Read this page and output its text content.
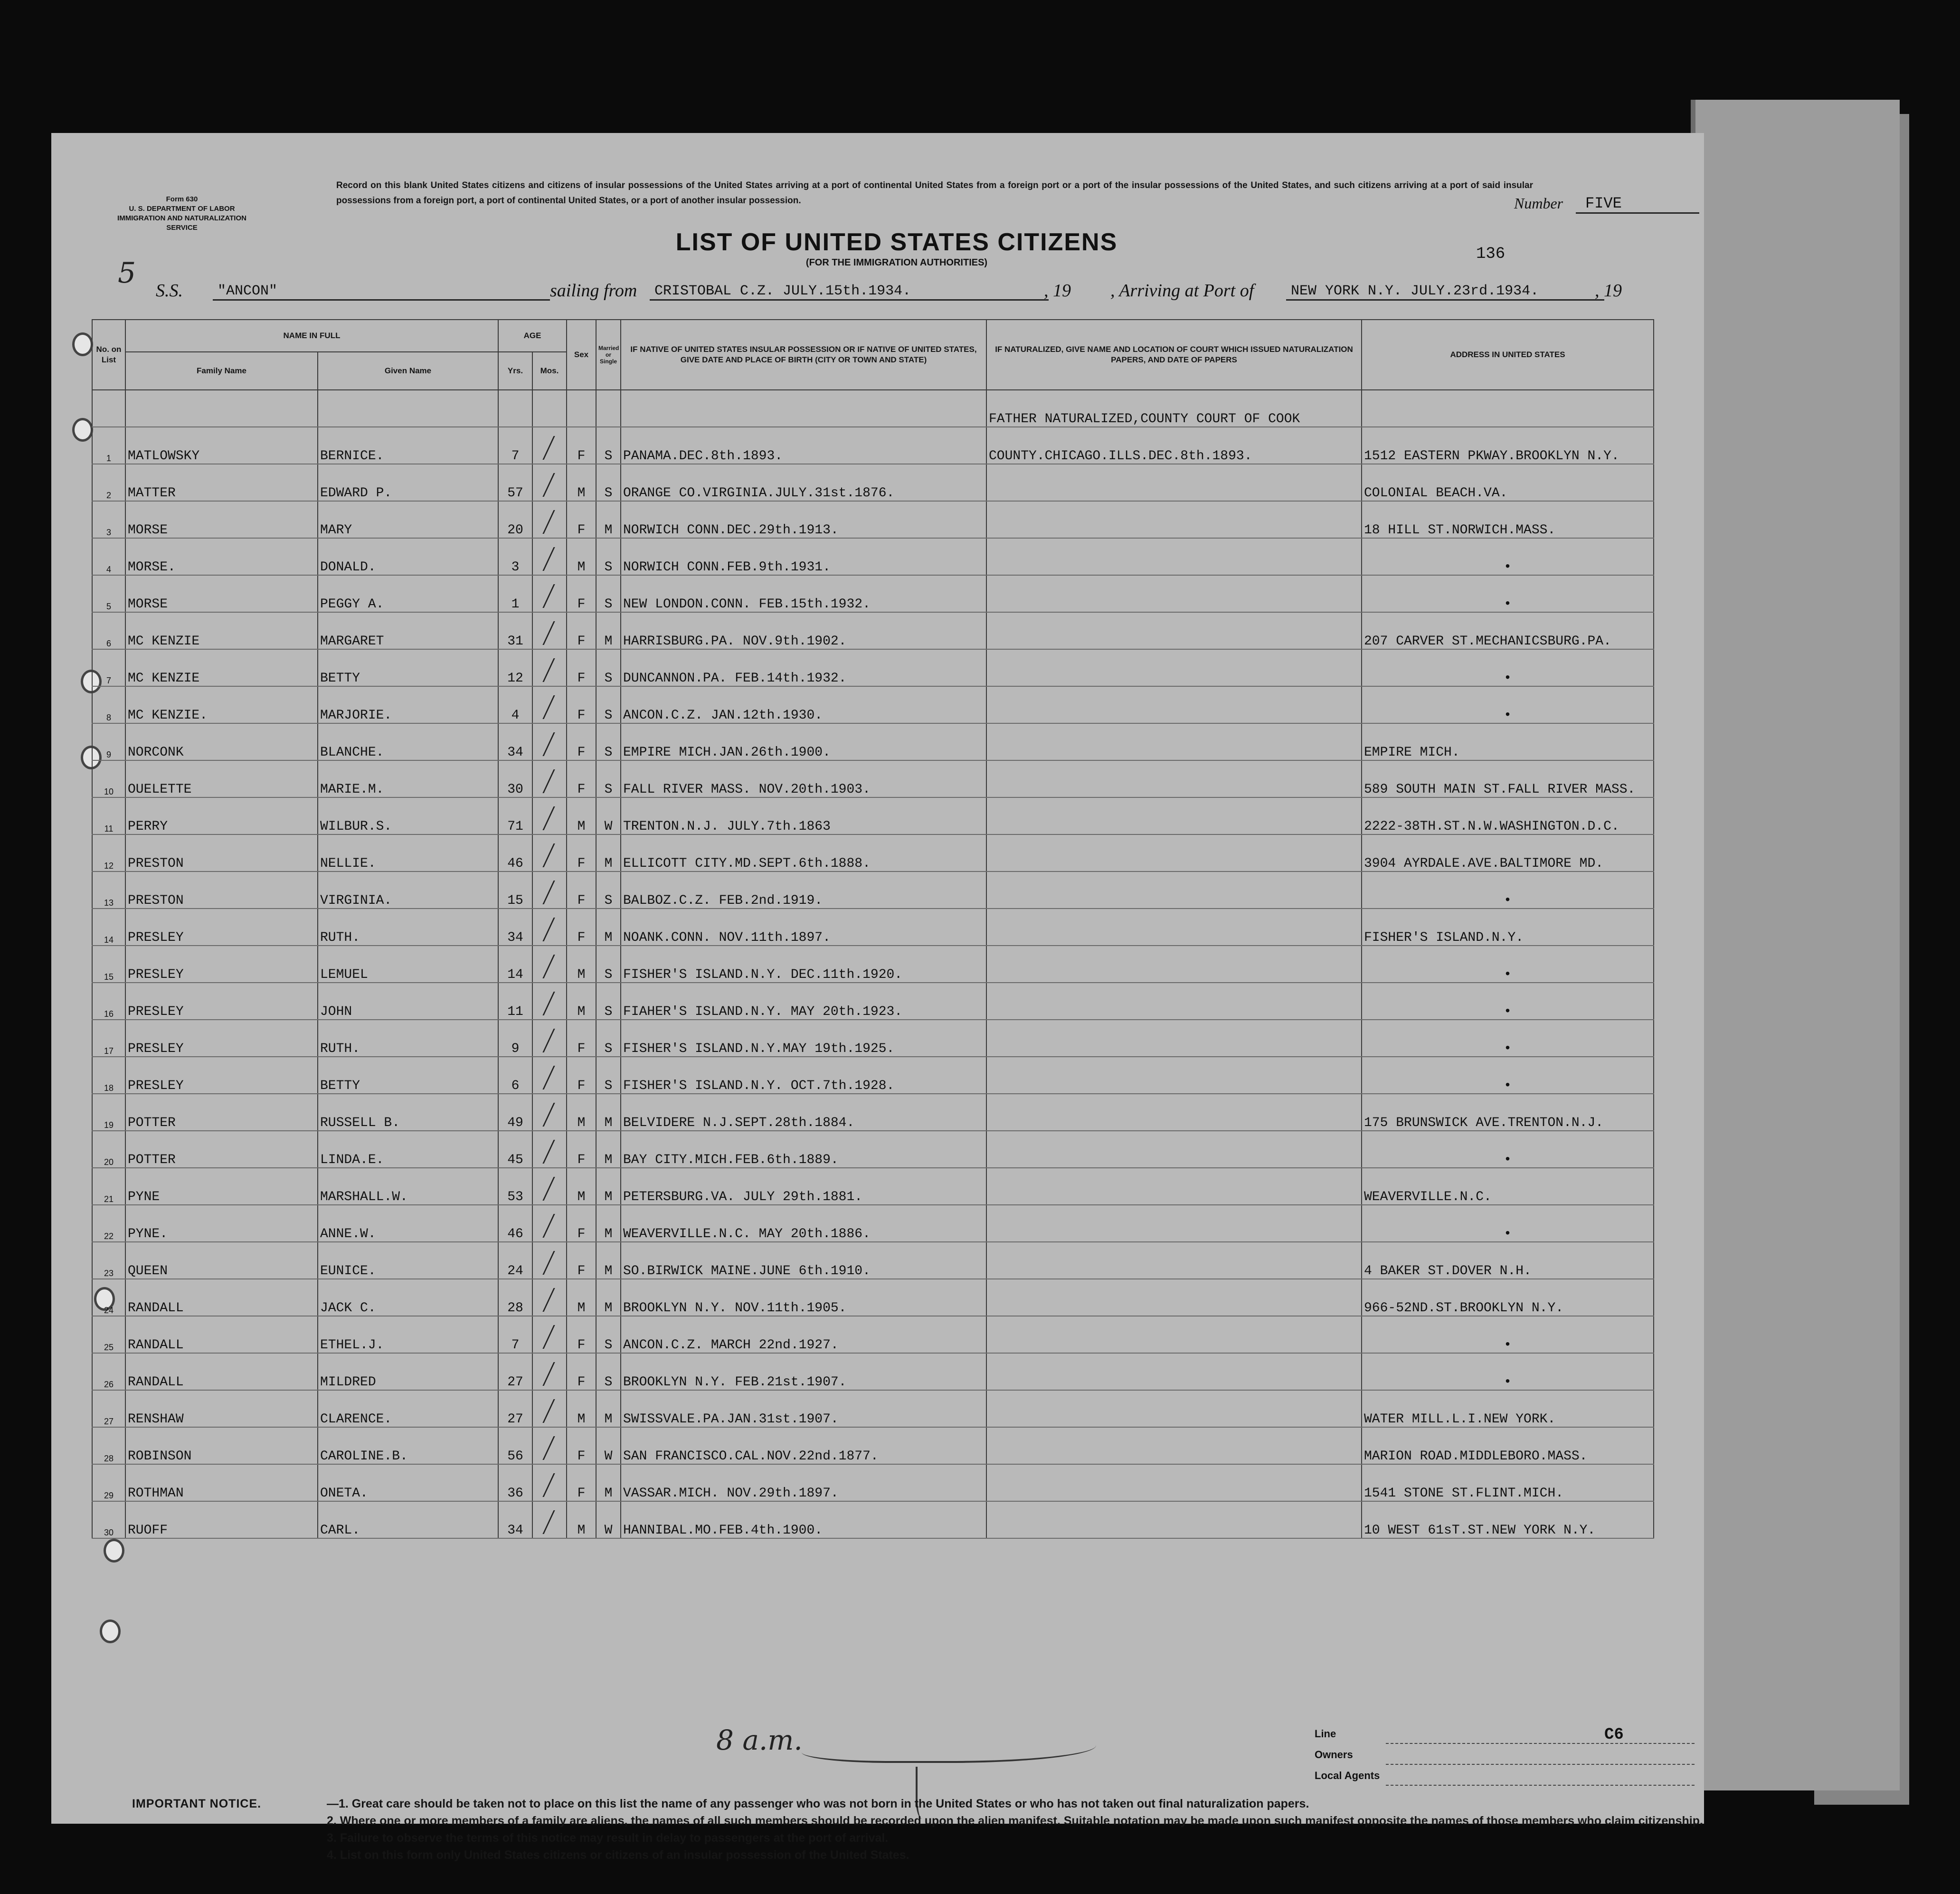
Form 630
U. S. DEPARTMENT OF LABOR
IMMIGRATION AND NATURALIZATION SERVICE
Record on this blank United States citizens and citizens of insular possessions of the United States arriving at a port of continental United States from a foreign port or a port of the insular possessions of the United States, and such citizens arriving at a port of said insular possessions from a foreign port, a port of continental United States, or a port of another insular possession.	Number	FIVE
LIST OF UNITED STATES CITIZENS
(FOR THE IMMIGRATION AUTHORITIES)	136
5
S.S.	"ANCON"	sailing from	CRISTOBAL C.Z. JULY.15th.1934.	, 19 , Arriving at Port of	NEW YORK N.Y. JULY.23rd.1934.	, 19
No. on List	NAME IN FULL		AGE		Sex	Married or Single	IF NATIVE OF UNITED STATES INSULAR POSSESSION OR IF NATIVE OF UNITED STATES, GIVE DATE AND PLACE OF BIRTH (CITY OR TOWN AND STATE)	IF NATURALIZED, GIVE NAME AND LOCATION OF COURT WHICH ISSUED NATURALIZATION PAPERS, AND DATE OF PAPERS	ADDRESS IN UNITED STATES
	Family Name	Given Name	Yrs.	Mos.					
								FATHER NATURALIZED,COUNTY COURT OF COOK	
1	MATLOWSKY	BERNICE.	7		F	S	PANAMA.DEC.8th.1893.	COUNTY.CHICAGO.ILLS.DEC.8th.1893.	1512 EASTERN PKWAY.BROOKLYN N.Y.
2	MATTER	EDWARD P.	57		M	S	ORANGE CO.VIRGINIA.JULY.31st.1876.		COLONIAL BEACH.VA.
3	MORSE	MARY	20		F	M	NORWICH CONN.DEC.29th.1913.		18 HILL ST.NORWICH.MASS.
4	MORSE.	DONALD.	3		M	S	NORWICH CONN.FEB.9th.1931.		•
5	MORSE	PEGGY A.	1		F	S	NEW LONDON.CONN. FEB.15th.1932.		•
6	MC KENZIE	MARGARET	31		F	M	HARRISBURG.PA. NOV.9th.1902.		207 CARVER ST.MECHANICSBURG.PA.
7	MC KENZIE	BETTY	12		F	S	DUNCANNON.PA. FEB.14th.1932.		•
8	MC KENZIE.	MARJORIE.	4		F	S	ANCON.C.Z. JAN.12th.1930.		•
9	NORCONK	BLANCHE.	34		F	S	EMPIRE MICH.JAN.26th.1900.		EMPIRE MICH.
10	OUELETTE	MARIE.M.	30		F	S	FALL RIVER MASS. NOV.20th.1903.		589 SOUTH MAIN ST.FALL RIVER MASS.
11	PERRY	WILBUR.S.	71		M	W	TRENTON.N.J. JULY.7th.1863		2222-38TH.ST.N.W.WASHINGTON.D.C.
12	PRESTON	NELLIE.	46		F	M	ELLICOTT CITY.MD.SEPT.6th.1888.		3904 AYRDALE.AVE.BALTIMORE MD.
13	PRESTON	VIRGINIA.	15		F	S	BALBOZ.C.Z. FEB.2nd.1919.		•
14	PRESLEY	RUTH.	34		F	M	NOANK.CONN. NOV.11th.1897.		FISHER'S ISLAND.N.Y.
15	PRESLEY	LEMUEL	14		M	S	FISHER'S ISLAND.N.Y. DEC.11th.1920.		•
16	PRESLEY	JOHN	11		M	S	FIAHER'S ISLAND.N.Y. MAY 20th.1923.		•
17	PRESLEY	RUTH.	9		F	S	FISHER'S ISLAND.N.Y.MAY 19th.1925.		•
18	PRESLEY	BETTY	6		F	S	FISHER'S ISLAND.N.Y. OCT.7th.1928.		•
19	POTTER	RUSSELL B.	49		M	M	BELVIDERE N.J.SEPT.28th.1884.		175 BRUNSWICK AVE.TRENTON.N.J.
20	POTTER	LINDA.E.	45		F	M	BAY CITY.MICH.FEB.6th.1889.		•
21	PYNE	MARSHALL.W.	53		M	M	PETERSBURG.VA. JULY 29th.1881.		WEAVERVILLE.N.C.
22	PYNE.	ANNE.W.	46		F	M	WEAVERVILLE.N.C. MAY 20th.1886.		•
23	QUEEN	EUNICE.	24		F	M	SO.BIRWICK MAINE.JUNE 6th.1910.		4 BAKER ST.DOVER N.H.
24	RANDALL	JACK C.	28		M	M	BROOKLYN N.Y. NOV.11th.1905.		966-52ND.ST.BROOKLYN N.Y.
25	RANDALL	ETHEL.J.	7		F	S	ANCON.C.Z. MARCH 22nd.1927.		•
26	RANDALL	MILDRED	27		F	S	BROOKLYN N.Y. FEB.21st.1907.		•
27	RENSHAW	CLARENCE.	27		M	M	SWISSVALE.PA.JAN.31st.1907.		WATER MILL.L.I.NEW YORK.
28	ROBINSON	CAROLINE.B.	56		F	W	SAN FRANCISCO.CAL.NOV.22nd.1877.		MARION ROAD.MIDDLEBORO.MASS.
29	ROTHMAN	ONETA.	36		F	M	VASSAR.MICH. NOV.29th.1897.		1541 STONE ST.FLINT.MICH.
30	RUOFF	CARL.	34		M	W	HANNIBAL.MO.FEB.4th.1900.		10 WEST 61sT.ST.NEW YORK N.Y.
8 a.m.	Line	C6
Owners
Local Agents
IMPORTANT NOTICE.	—1. Great care should be taken not to place on this list the name of any passenger who was not born in the United States or who has not taken out final naturalization papers.
2. Where one or more members of a family are aliens, the names of all such members should be recorded upon the alien manifest. Suitable notation may be made upon such manifest opposite the names of those members who claim citizenship.
3. Failure to observe the terms of this notice may result in delay to passengers at the port of arrival.
4. List on this form only United States citizens or citizens of an insular possession of the United States.
